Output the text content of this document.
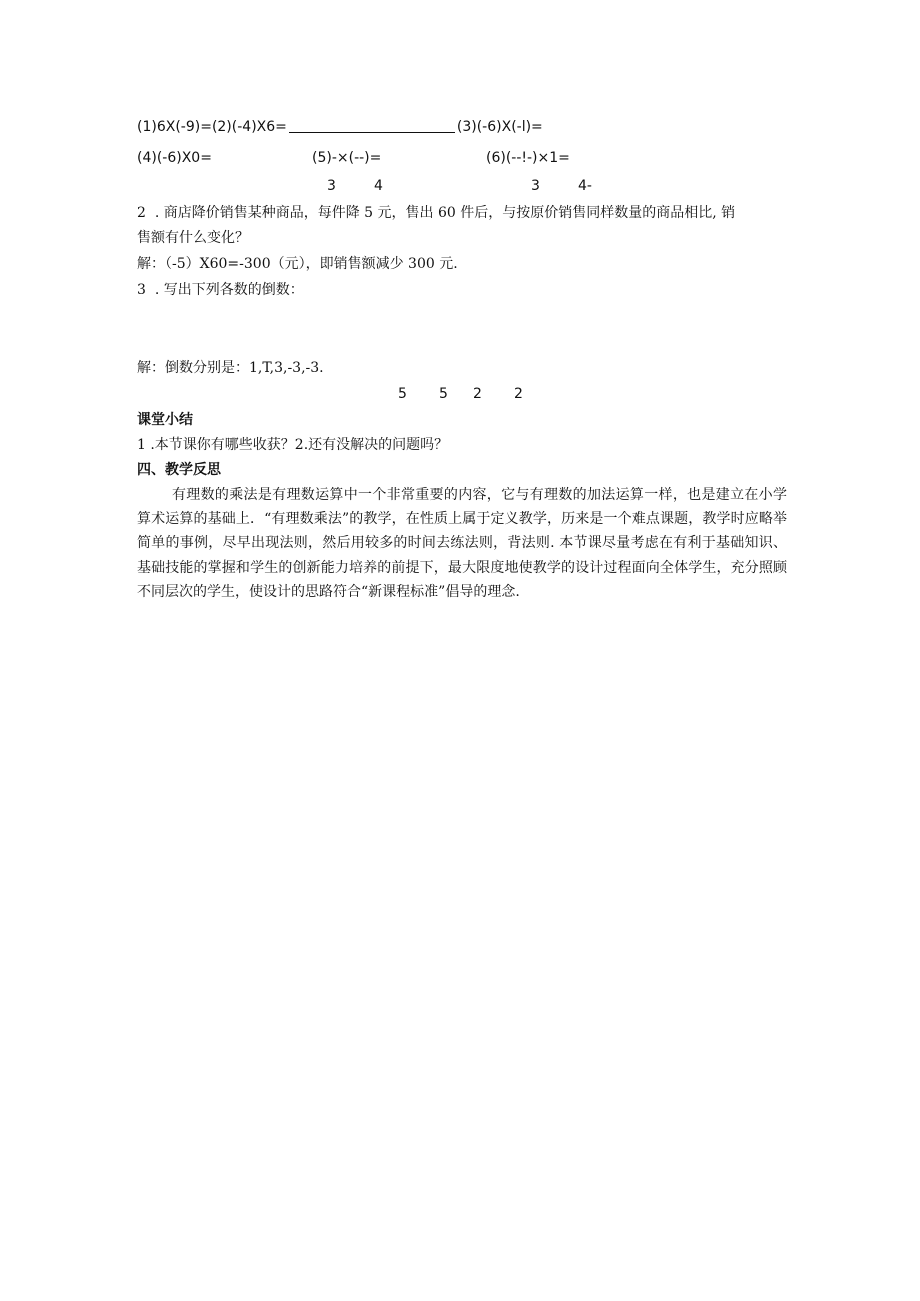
(1)6X(-9)=(2)(-4)X6=	(3)(-6)X(-l)=
(4)(-6)X0=	(5)-×(--)=	(6)(--!-)×1=
3	4	3	4-
2 . 商店降价销售某种商品，每件降 5 元，售出 60 件后，与按原价销售同样数量的商品相比, 销
售额有什么变化？
解：（-5）X60=-300（元），即销售额减少 300 元.
3 . 写出下列各数的倒数：
解：倒数分别是：1,T,3,-3,-3.
5 5 2 2
课堂小结
1 .本节课你有哪些收获？2.还有没解决的问题吗？
四、教学反思
有理数的乘法是有理数运算中一个非常重要的内容，它与有理数的加法运算一样，也是建立在小学算术运算的基础上．“有理数乘法”的教学，在性质上属于定义教学，历来是一个难点课题，教学时应略举简单的事例，尽早出现法则，然后用较多的时间去练法则，背法则. 本节课尽量考虑在有利于基础知识、基础技能的掌握和学生的创新能力培养的前提下，最大限度地使教学的设计过程面向全体学生，充分照顾不同层次的学生，使设计的思路符合“新课程标准”倡导的理念.
